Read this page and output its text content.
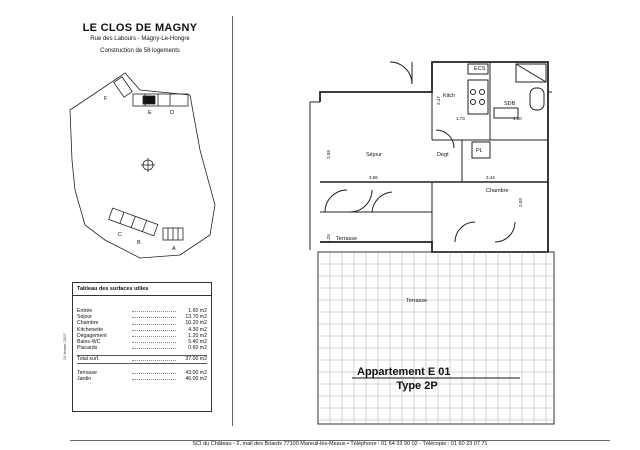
LE CLOS DE MAGNY
Rue des Labours - Magny-Le-Hongre
Construction de 58 logements
F
E	D
C
B
A
Tableau des surfaces utiles
Entrée	1.60 m2
Séjour	13.70 m2
Chambre	10.20 m2
Kitchenette	4.30 m2
Dégagement	1.20 m2
Bains-WC	5.40 m2
Placards	0.60 m2
Total surf.	37.00 m2
Terrasse	43.00 m2
Jardin	46.00 m2
24 février 2007
Kitch
ECS
SDB
Séjour	Degt
PL
Chambre
Terrasse
Terrasse
2.47
1.73	1.60
3.58
3.86	3.44
3.03
1.29
Appartement E 01
Type 2P
SCI du Château - 2, mail des Briards 77100 Mareuil-lès-Meaux • Téléphone : 01 64 33 90 02 - Télécopie : 01 60 23 07 71
